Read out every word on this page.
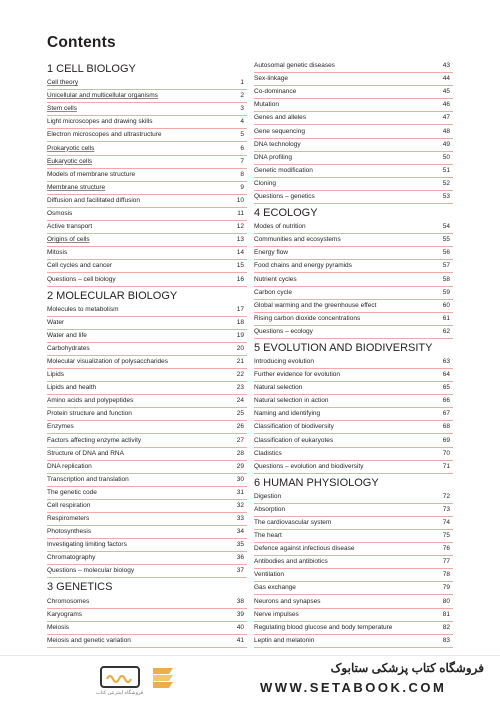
Contents
1 CELL BIOLOGY
Cell theory	1
Unicellular and multicellular organisms	2
Stem cells	3
Light microscopes and drawing skills	4
Electron microscopes and ultrastructure	5
Prokaryotic cells	6
Eukaryotic cells	7
Models of membrane structure	8
Membrane structure	9
Diffusion and facilitated diffusion	10
Osmosis	11
Active transport	12
Origins of cells	13
Mitosis	14
Cell cycles and cancer	15
Questions – cell biology	16
2 MOLECULAR BIOLOGY
Molecules to metabolism	17
Water	18
Water and life	19
Carbohydrates	20
Molecular visualization of polysaccharides	21
Lipids	22
Lipids and health	23
Amino acids and polypeptides	24
Protein structure and function	25
Enzymes	26
Factors affecting enzyme activity	27
Structure of DNA and RNA	28
DNA replication	29
Transcription and translation	30
The genetic code	31
Cell respiration	32
Respirometers	33
Photosynthesis	34
Investigating limiting factors	35
Chromatography	36
Questions – molecular biology	37
3 GENETICS
Chromosomes	38
Karyograms	39
Meiosis	40
Meiosis and genetic variation	41
Autosomal genetic diseases	43
Sex-linkage	44
Co-dominance	45
Mutation	46
Genes and alleles	47
Gene sequencing	48
DNA technology	49
DNA profiling	50
Genetic modification	51
Cloning	52
Questions – genetics	53
4 ECOLOGY
Modes of nutrition	54
Communities and ecosystems	55
Energy flow	56
Food chains and energy pyramids	57
Nutrient cycles	58
Carbon cycle	59
Global warming and the greenhouse effect	60
Rising carbon dioxide concentrations	61
Questions – ecology	62
5 EVOLUTION AND BIODIVERSITY
Introducing evolution	63
Further evidence for evolution	64
Natural selection	65
Natural selection in action	66
Naming and identifying	67
Classification of biodiversity	68
Classification of eukaryotes	69
Cladistics	70
Questions – evolution and biodiversity	71
6 HUMAN PHYSIOLOGY
Digestion	72
Absorption	73
The cardiovascular system	74
The heart	75
Defence against infectious disease	76
Antibodies and antibiotics	77
Ventilation	78
Gas exchange	79
Neurons and synapses	80
Nerve impulses	81
Regulating blood glucose and body temperature	82
Leptin and melatonin	83
فروشگاه اینترنتی کتاب
فروشگاه کتاب پزشکی ستابوک
WWW.SETABOOK.COM
